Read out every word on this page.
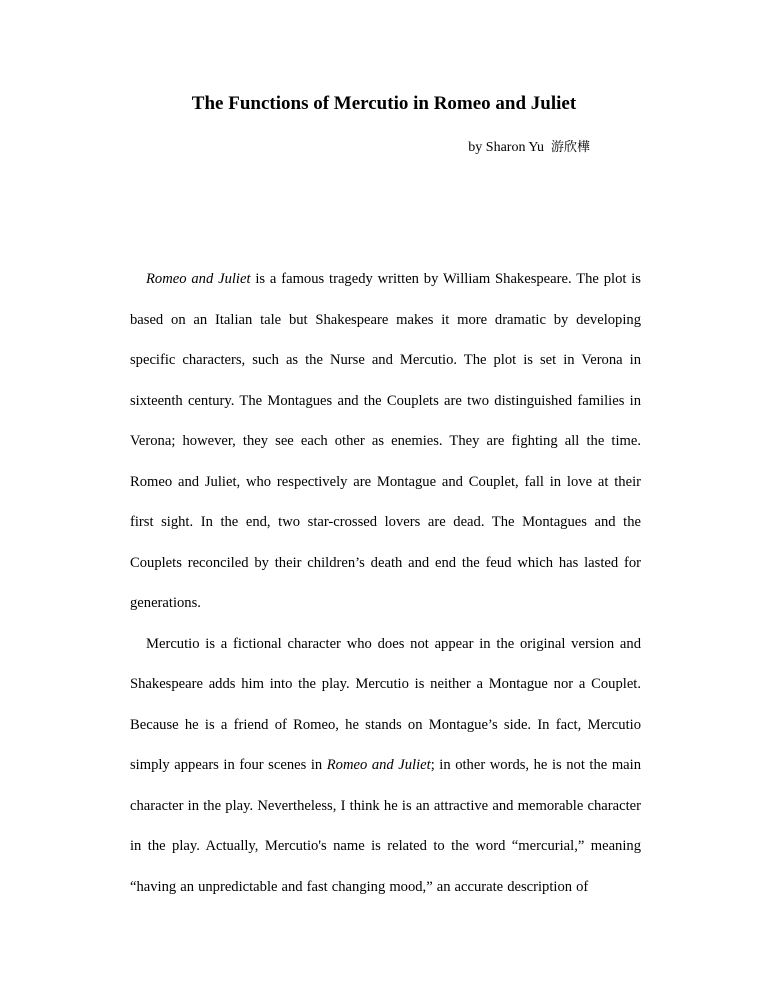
The Functions of Mercutio in Romeo and Juliet

by Sharon Yu 游欣樺

Romeo and Juliet is a famous tragedy written by William Shakespeare. The plot is based on an Italian tale but Shakespeare makes it more dramatic by developing specific characters, such as the Nurse and Mercutio. The plot is set in Verona in sixteenth century. The Montagues and the Couplets are two distinguished families in Verona; however, they see each other as enemies. They are fighting all the time. Romeo and Juliet, who respectively are Montague and Couplet, fall in love at their first sight. In the end, two star-crossed lovers are dead. The Montagues and the Couplets reconciled by their children’s death and end the feud which has lasted for generations.

Mercutio is a fictional character who does not appear in the original version and Shakespeare adds him into the play. Mercutio is neither a Montague nor a Couplet. Because he is a friend of Romeo, he stands on Montague’s side. In fact, Mercutio simply appears in four scenes in Romeo and Juliet; in other words, he is not the main character in the play. Nevertheless, I think he is an attractive and memorable character in the play. Actually, Mercutio's name is related to the word “mercurial,” meaning “having an unpredictable and fast changing mood,” an accurate description of
